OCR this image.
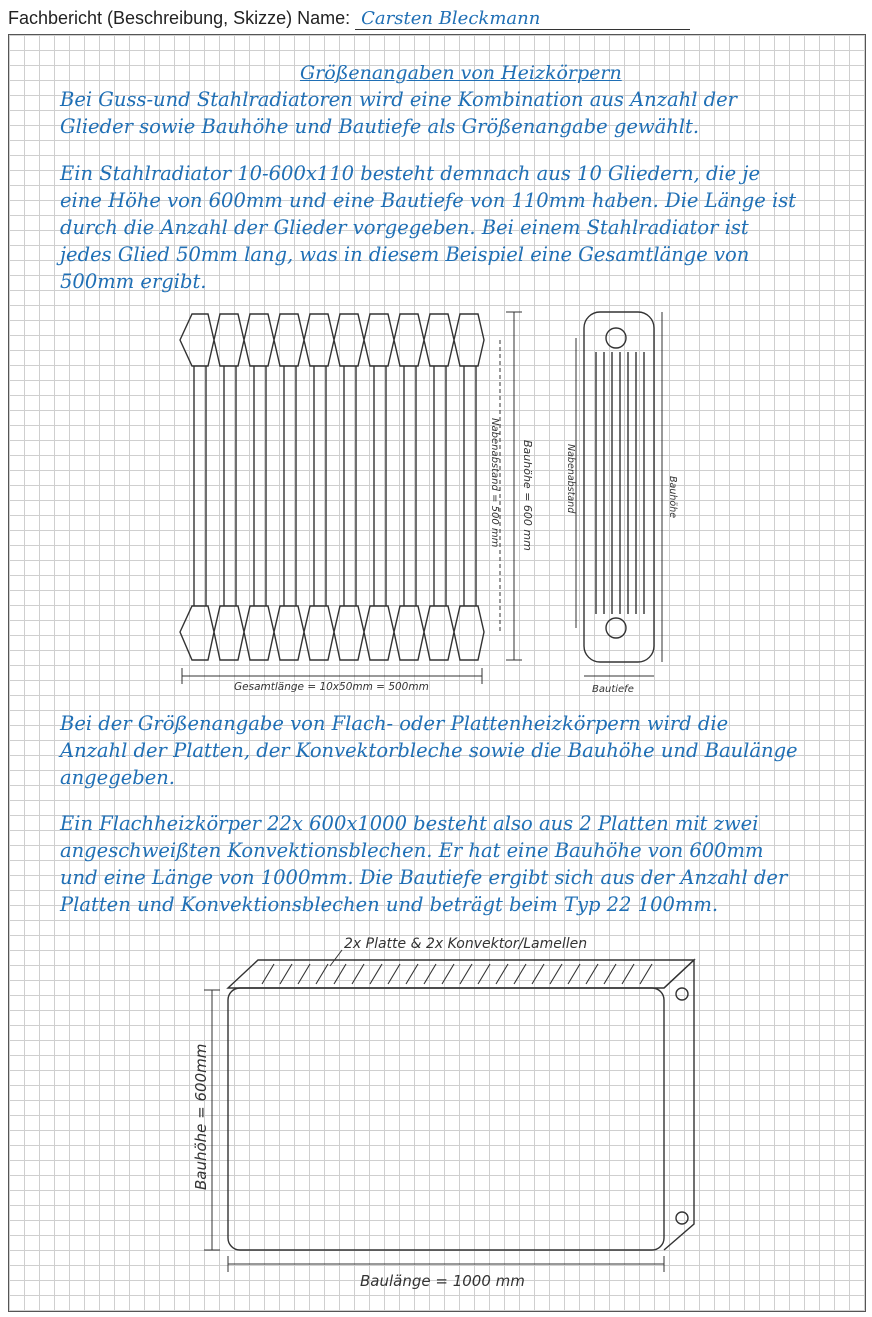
Fachbericht (Beschreibung, Skizze) Name: Carsten Bleckmann
Größenangaben von Heizkörpern
Bei Guss-und Stahlradiatoren wird eine Kombination aus Anzahl der Glieder sowie Bauhöhe und Bautiefe als Größenangabe gewählt.
Ein Stahlradiator 10-600x110 besteht demnach aus 10 Gliedern, die je eine Höhe von 600mm und eine Bautiefe von 110mm haben. Die Länge ist durch die Anzahl der Glieder vorgegeben. Bei einem Stahlradiator ist jedes Glied 50mm lang, was in diesem Beispiel eine Gesamtlänge von 500mm ergibt.
Bei der Größenangabe von Flach- oder Plattenheizkörpern wird die Anzahl der Platten, der Konvektorbleche sowie die Bauhöhe und Baulänge angegeben.
Ein Flachheizkörper 22x 600x1000 besteht also aus 2 Platten mit zwei angeschweißten Konvektionsblechen. Er hat eine Bauhöhe von 600mm und eine Länge von 1000mm. Die Bautiefe ergibt sich aus der Anzahl der Platten und Konvektionsblechen und beträgt beim Typ 22 100mm.
Gesamtlänge = 10x50mm = 500mm
Bauhöhe = 600 mm
Nabenabstand = 500 mm	Nabenabstand	Bauhöhe
Bautiefe
2x Platte & 2x Konvektor/Lamellen
Bauhöhe = 600mm
Baulänge = 1000 mm
